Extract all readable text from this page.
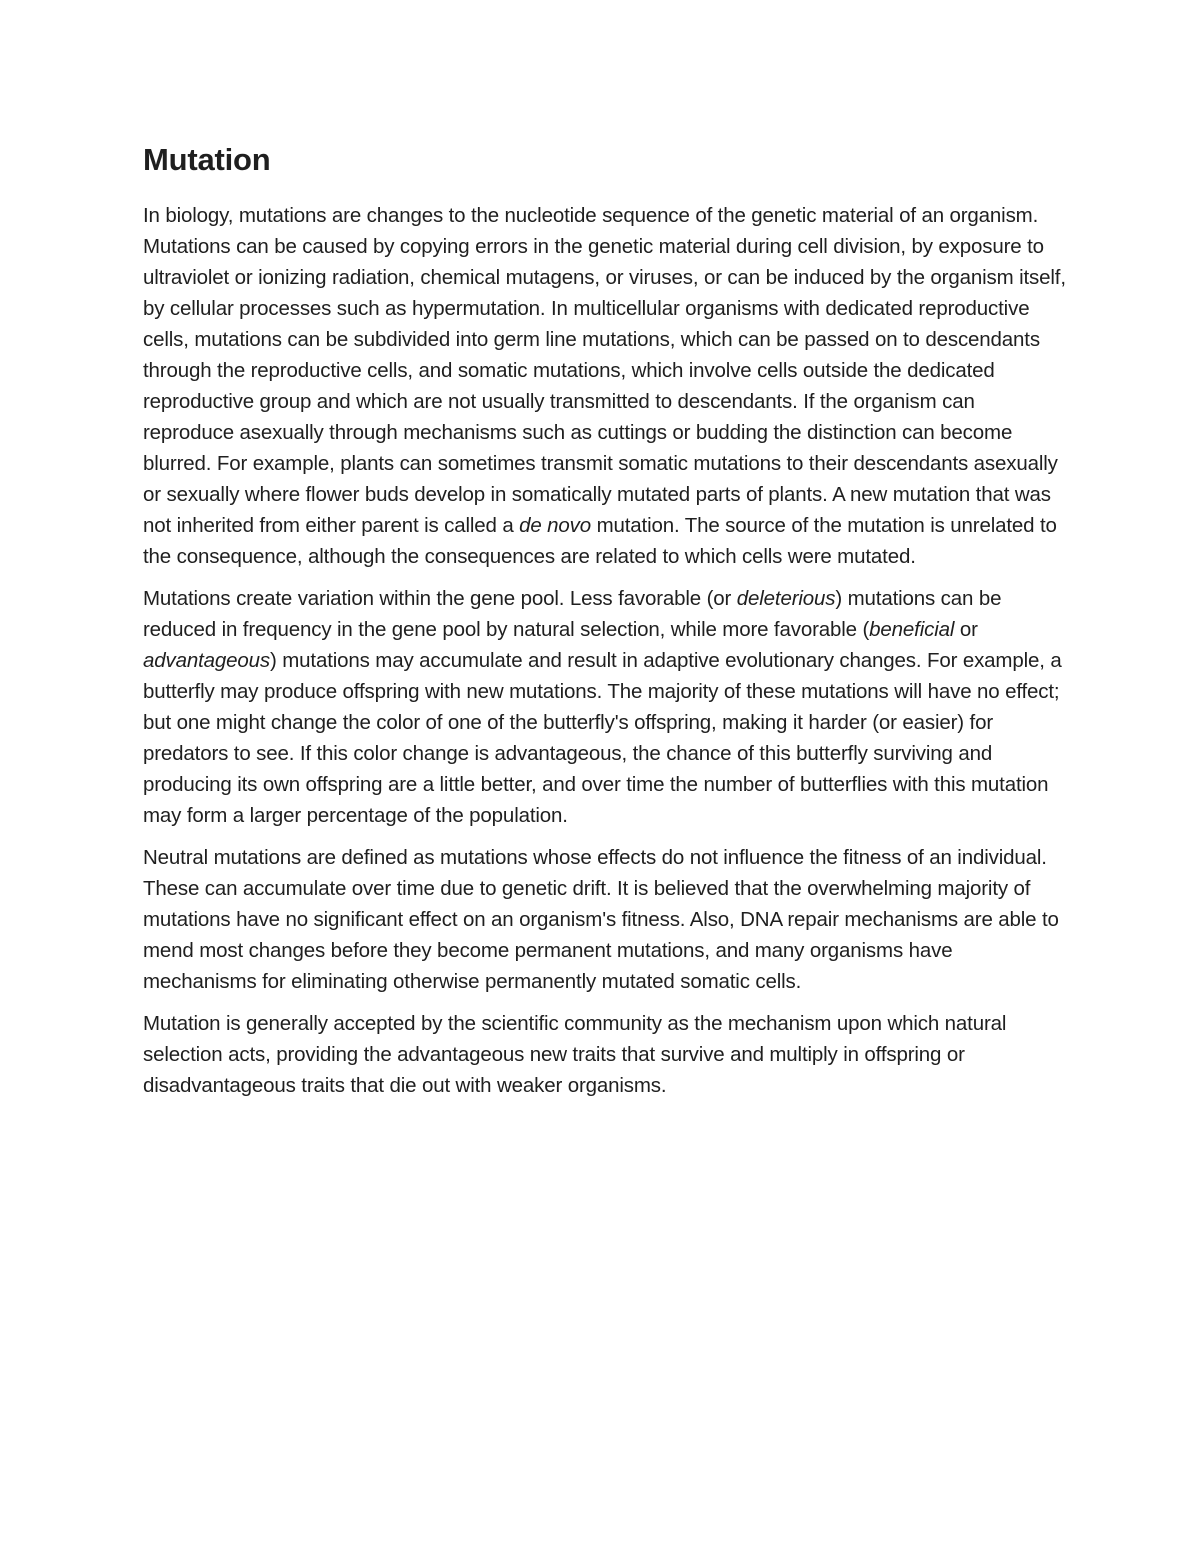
Mutation

In biology, mutations are changes to the nucleotide sequence of the genetic material of an organism. Mutations can be caused by copying errors in the genetic material during cell division, by exposure to ultraviolet or ionizing radiation, chemical mutagens, or viruses, or can be induced by the organism itself, by cellular processes such as hypermutation. In multicellular organisms with dedicated reproductive cells, mutations can be subdivided into germ line mutations, which can be passed on to descendants through the reproductive cells, and somatic mutations, which involve cells outside the dedicated reproductive group and which are not usually transmitted to descendants. If the organism can reproduce asexually through mechanisms such as cuttings or budding the distinction can become blurred. For example, plants can sometimes transmit somatic mutations to their descendants asexually or sexually where flower buds develop in somatically mutated parts of plants. A new mutation that was not inherited from either parent is called a de novo mutation. The source of the mutation is unrelated to the consequence, although the consequences are related to which cells were mutated.

Mutations create variation within the gene pool. Less favorable (or deleterious) mutations can be reduced in frequency in the gene pool by natural selection, while more favorable (beneficial or advantageous) mutations may accumulate and result in adaptive evolutionary changes. For example, a butterfly may produce offspring with new mutations. The majority of these mutations will have no effect; but one might change the color of one of the butterfly's offspring, making it harder (or easier) for predators to see. If this color change is advantageous, the chance of this butterfly surviving and producing its own offspring are a little better, and over time the number of butterflies with this mutation may form a larger percentage of the population.

Neutral mutations are defined as mutations whose effects do not influence the fitness of an individual. These can accumulate over time due to genetic drift. It is believed that the overwhelming majority of mutations have no significant effect on an organism's fitness. Also, DNA repair mechanisms are able to mend most changes before they become permanent mutations, and many organisms have mechanisms for eliminating otherwise permanently mutated somatic cells.

Mutation is generally accepted by the scientific community as the mechanism upon which natural selection acts, providing the advantageous new traits that survive and multiply in offspring or disadvantageous traits that die out with weaker organisms.
